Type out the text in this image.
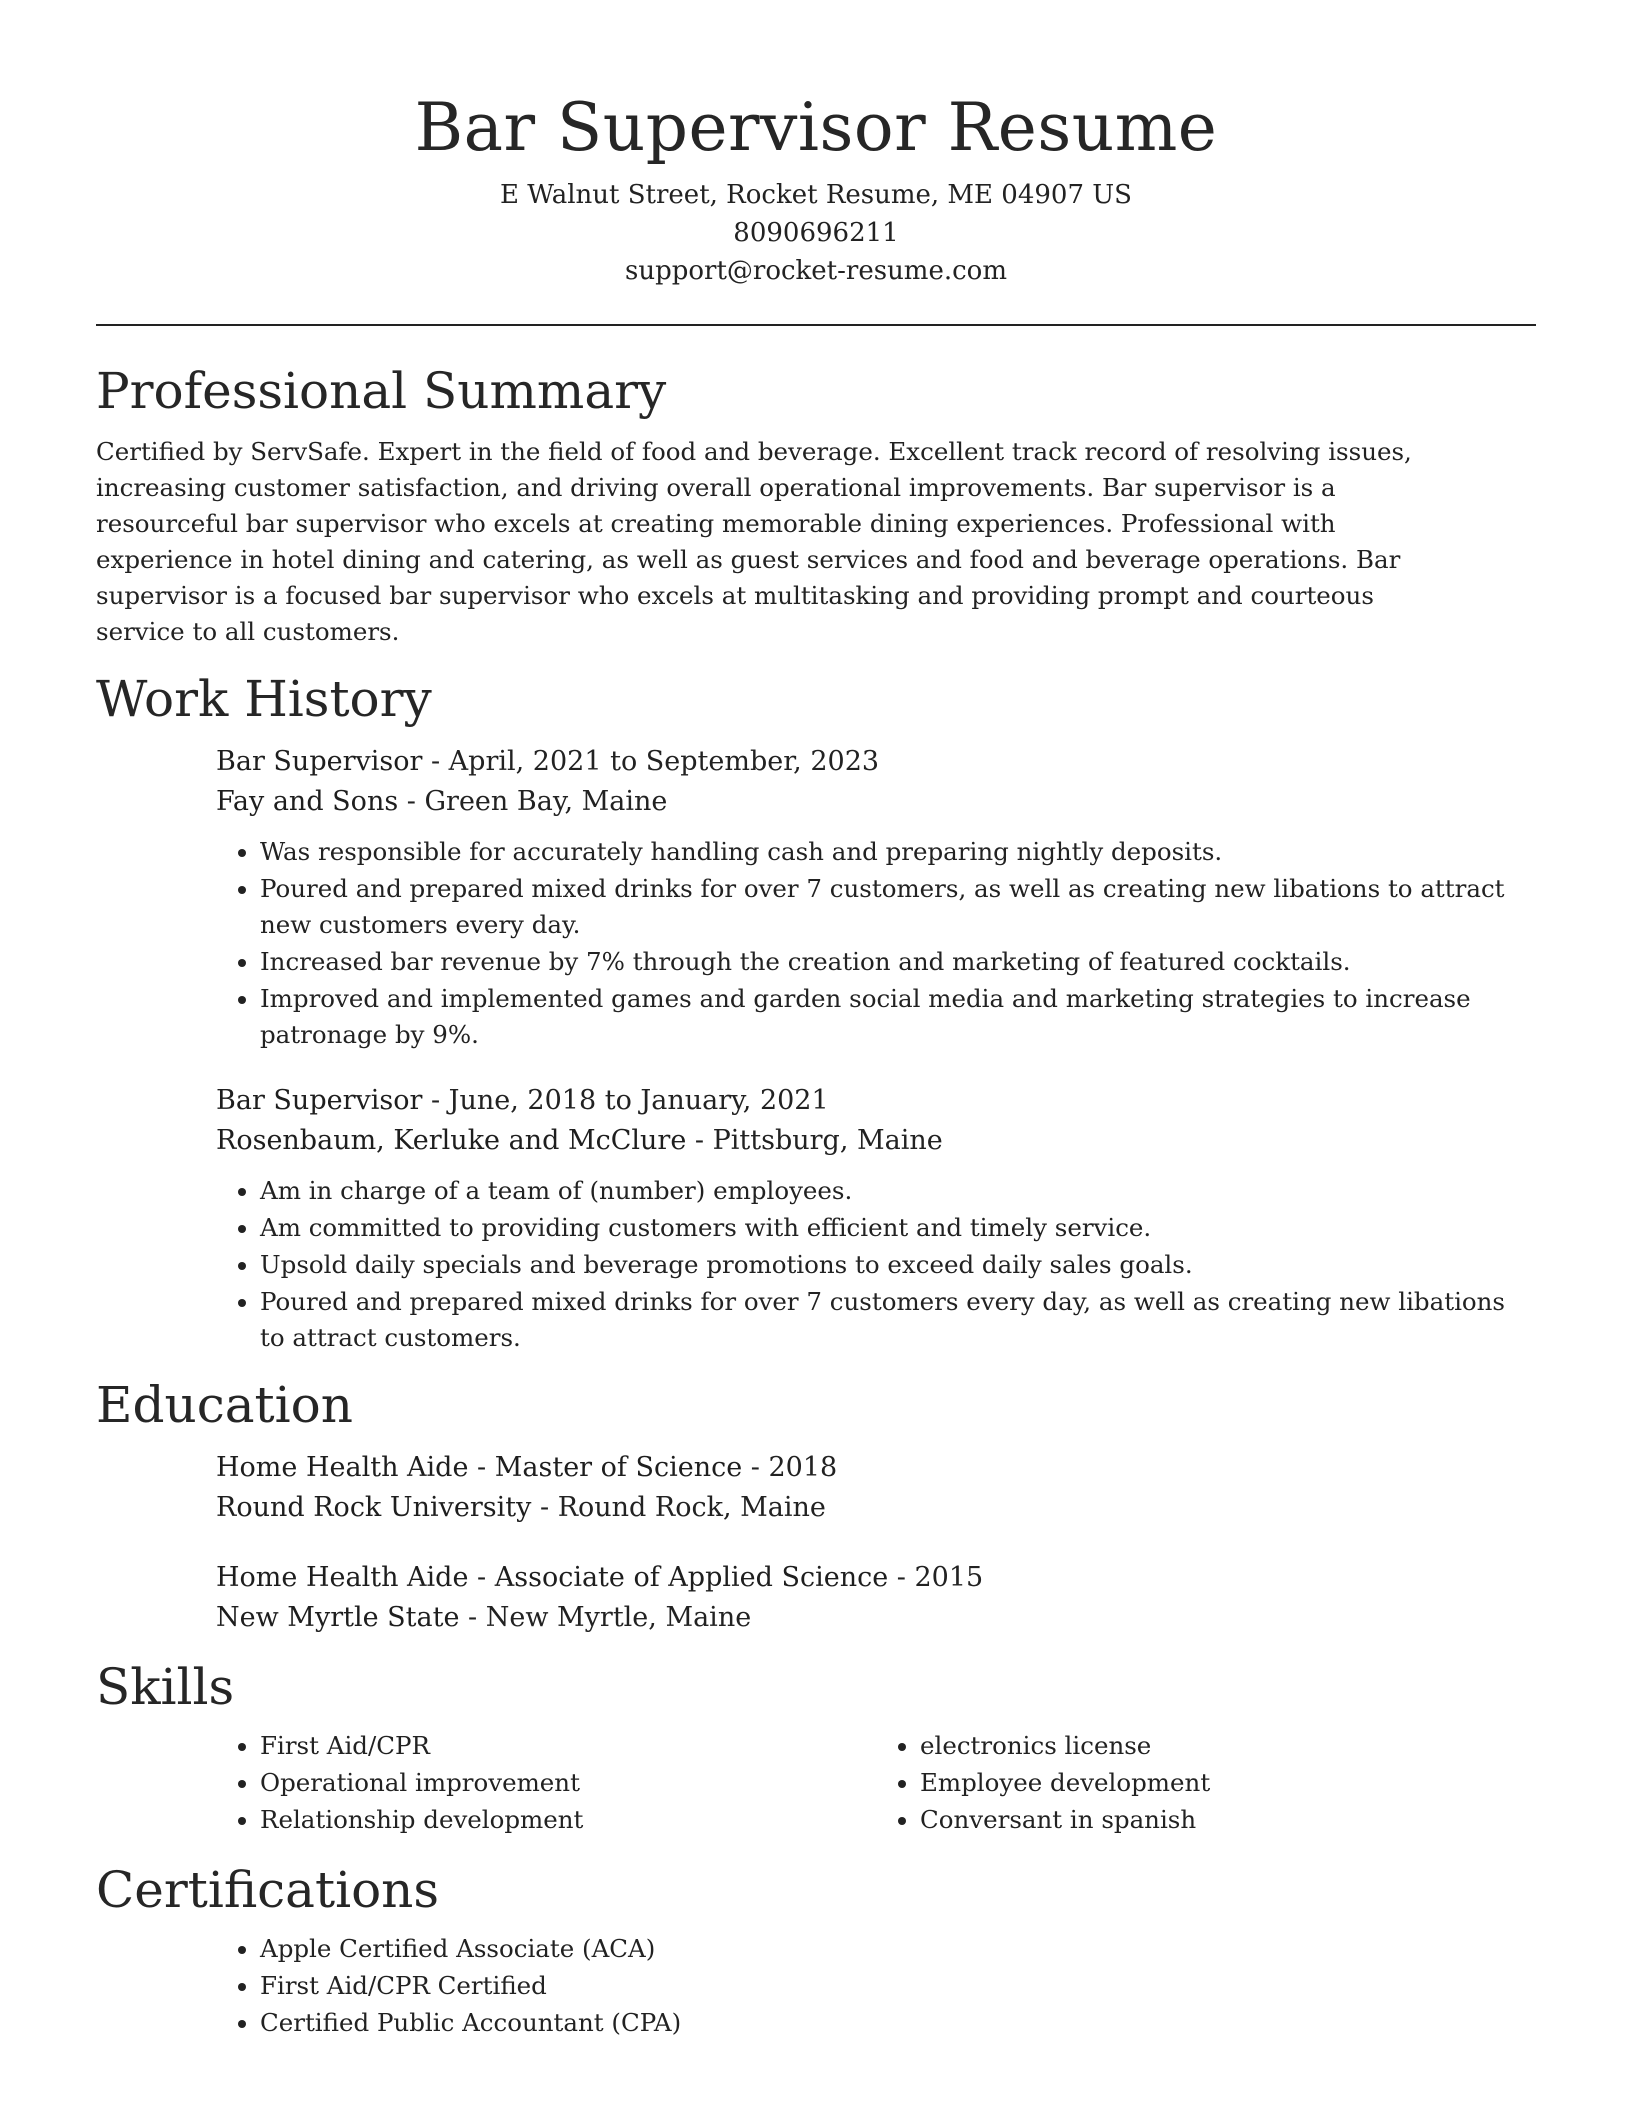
Bar Supervisor Resume
E Walnut Street, Rocket Resume, ME 04907 US
8090696211
support@rocket-resume.com
Professional Summary

Certified by ServSafe. Expert in the field of food and beverage. Excellent track record of resolving issues, increasing customer satisfaction, and driving overall operational improvements. Bar supervisor is a resourceful bar supervisor who excels at creating memorable dining experiences. Professional with experience in hotel dining and catering, as well as guest services and food and beverage operations. Bar supervisor is a focused bar supervisor who excels at multitasking and providing prompt and courteous service to all customers.

Work History
Bar Supervisor - April, 2021 to September, 2023
Fay and Sons - Green Bay, Maine
• Was responsible for accurately handling cash and preparing nightly deposits.
• Poured and prepared mixed drinks for over 7 customers, as well as creating new libations to attract new customers every day.
• Increased bar revenue by 7% through the creation and marketing of featured cocktails.
• Improved and implemented games and garden social media and marketing strategies to increase patronage by 9%.
Bar Supervisor - June, 2018 to January, 2021
Rosenbaum, Kerluke and McClure - Pittsburg, Maine
• Am in charge of a team of (number) employees.
• Am committed to providing customers with efficient and timely service.
• Upsold daily specials and beverage promotions to exceed daily sales goals.
• Poured and prepared mixed drinks for over 7 customers every day, as well as creating new libations to attract customers.
Education
Home Health Aide - Master of Science - 2018
Round Rock University - Round Rock, Maine
Home Health Aide - Associate of Applied Science - 2015
New Myrtle State - New Myrtle, Maine
Skills
• First Aid/CPR
• Operational improvement
• Relationship development
• electronics license
• Employee development
• Conversant in spanish
Certifications
• Apple Certified Associate (ACA)
• First Aid/CPR Certified
• Certified Public Accountant (CPA)
